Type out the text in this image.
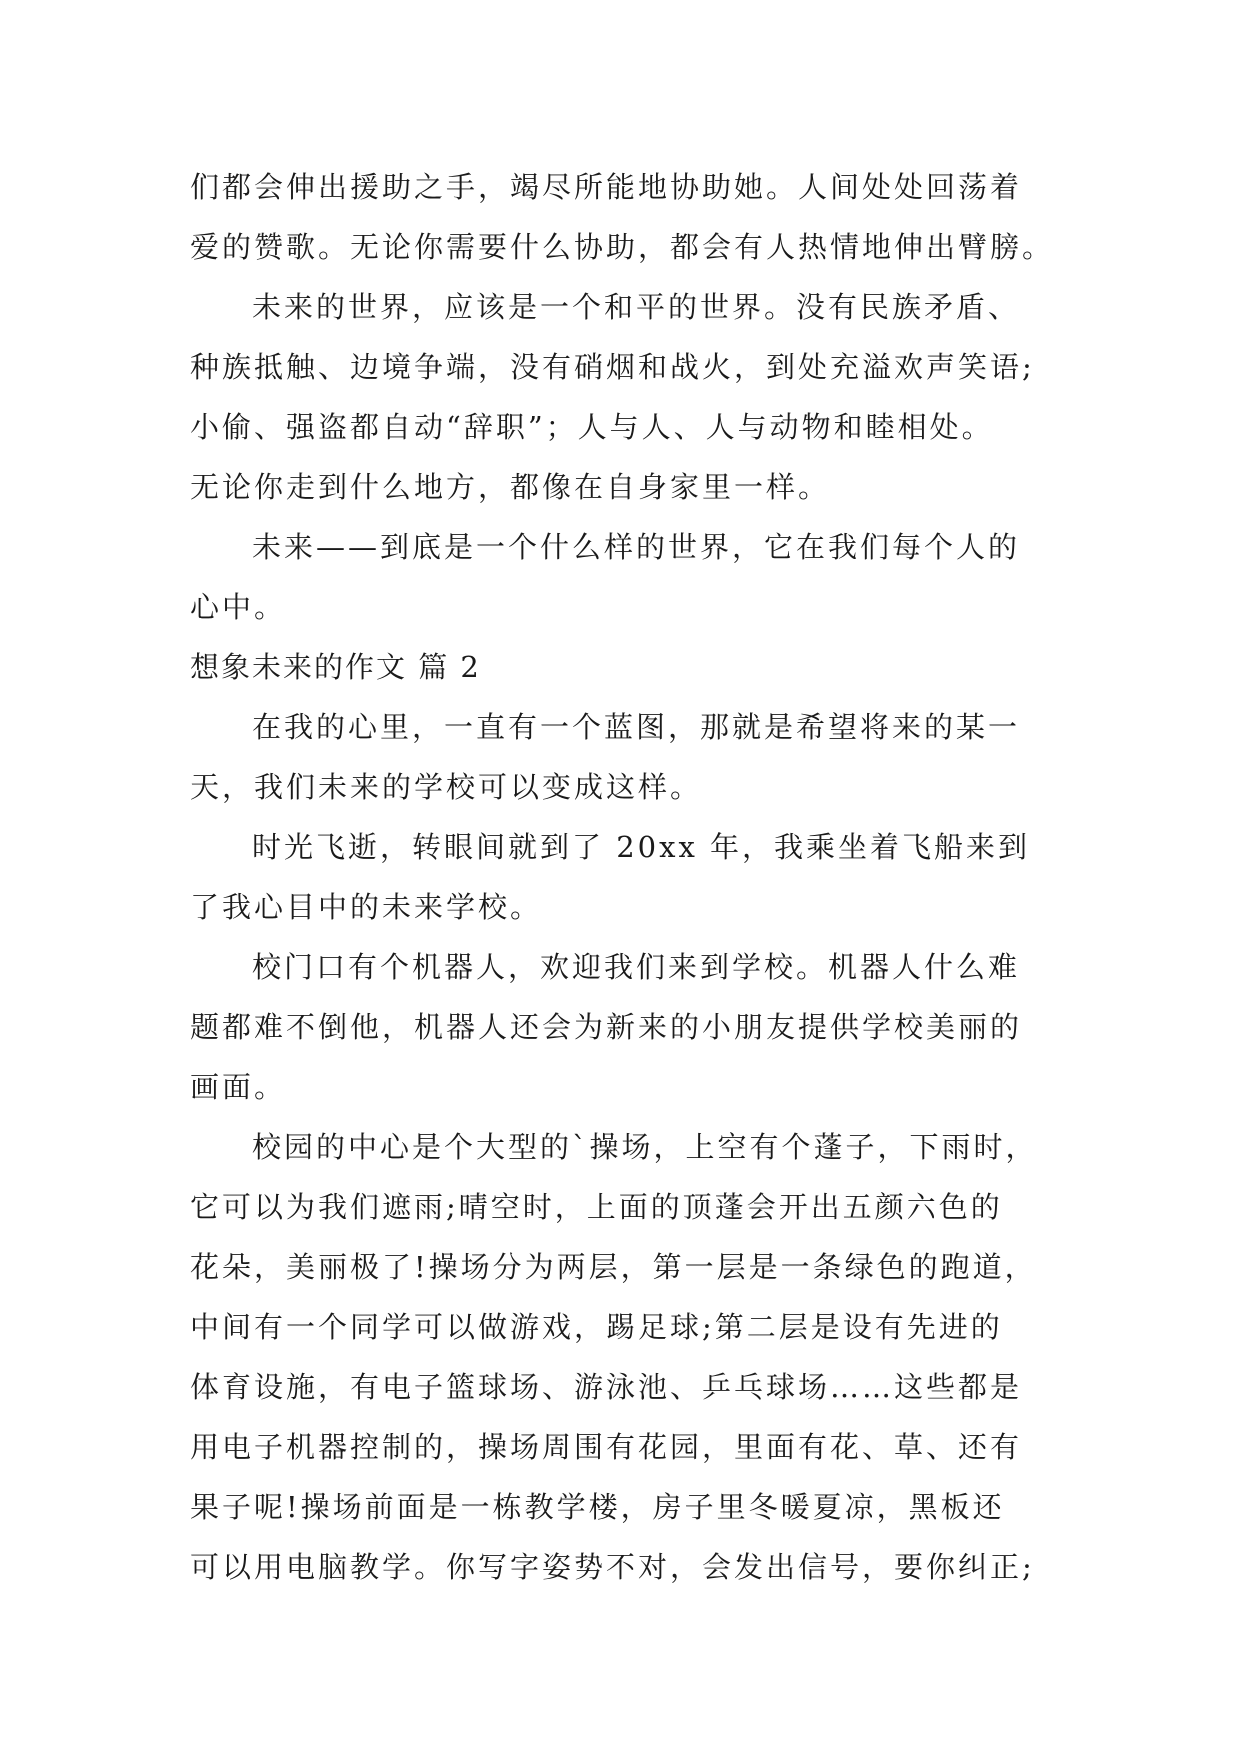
们都会伸出援助之手，竭尽所能地协助她。人间处处回荡着
爱的赞歌。无论你需要什么协助，都会有人热情地伸出臂膀。
未来的世界，应该是一个和平的世界。没有民族矛盾、
种族抵触、边境争端，没有硝烟和战火，到处充溢欢声笑语;
小偷、强盗都自动“辞职”；人与人、人与动物和睦相处。
无论你走到什么地方，都像在自身家里一样。
未来——到底是一个什么样的世界，它在我们每个人的
心中。
想象未来的作文 篇 2
在我的心里，一直有一个蓝图，那就是希望将来的某一
天，我们未来的学校可以变成这样。
时光飞逝，转眼间就到了 20xx 年，我乘坐着飞船来到
了我心目中的未来学校。
校门口有个机器人，欢迎我们来到学校。机器人什么难
题都难不倒他，机器人还会为新来的小朋友提供学校美丽的
画面。
校园的中心是个大型的`操场，上空有个蓬子，下雨时，
它可以为我们遮雨;晴空时，上面的顶蓬会开出五颜六色的
花朵，美丽极了!操场分为两层，第一层是一条绿色的跑道，
中间有一个同学可以做游戏，踢足球;第二层是设有先进的
体育设施，有电子篮球场、游泳池、乒乓球场……这些都是
用电子机器控制的，操场周围有花园，里面有花、草、还有
果子呢!操场前面是一栋教学楼，房子里冬暖夏凉，黑板还
可以用电脑教学。你写字姿势不对，会发出信号，要你纠正;
